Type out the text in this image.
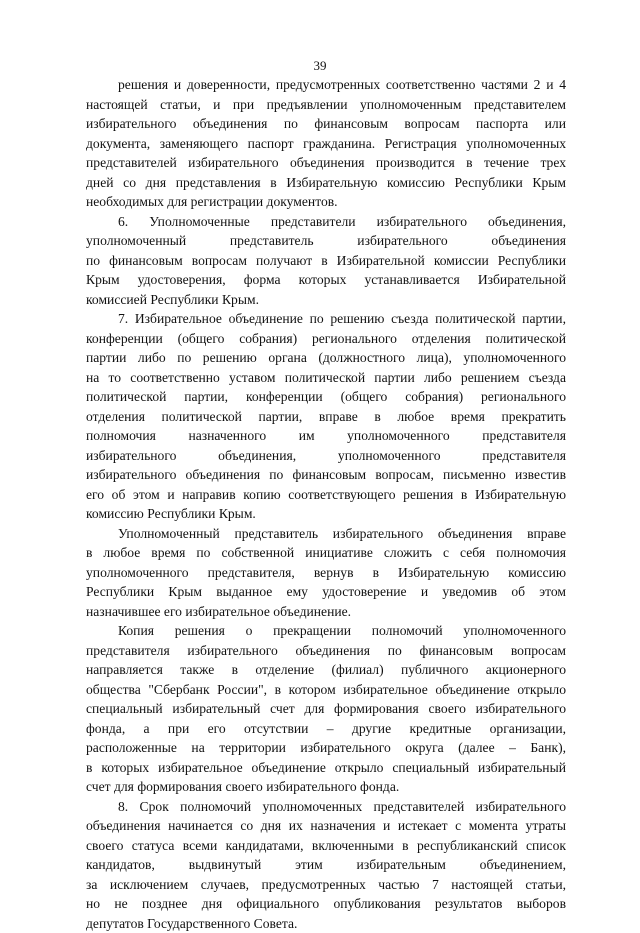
39
решения и доверенности, предусмотренных соответственно частями 2 и 4
настоящей статьи, и при предъявлении уполномоченным представителем
избирательного объединения по финансовым вопросам паспорта или
документа, заменяющего паспорт гражданина. Регистрация уполномоченных
представителей избирательного объединения производится в течение трех
дней со дня представления в Избирательную комиссию Республики Крым
необходимых для регистрации документов.
6. Уполномоченные представители избирательного объединения,
уполномоченный представитель избирательного объединения
по финансовым вопросам получают в Избирательной комиссии Республики
Крым удостоверения, форма которых устанавливается Избирательной
комиссией Республики Крым.
7. Избирательное объединение по решению съезда политической партии,
конференции (общего собрания) регионального отделения политической
партии либо по решению органа (должностного лица), уполномоченного
на то соответственно уставом политической партии либо решением съезда
политической партии, конференции (общего собрания) регионального
отделения политической партии, вправе в любое время прекратить
полномочия назначенного им уполномоченного представителя
избирательного объединения, уполномоченного представителя
избирательного объединения по финансовым вопросам, письменно известив
его об этом и направив копию соответствующего решения в Избирательную
комиссию Республики Крым.
Уполномоченный представитель избирательного объединения вправе
в любое время по собственной инициативе сложить с себя полномочия
уполномоченного представителя, вернув в Избирательную комиссию
Республики Крым выданное ему удостоверение и уведомив об этом
назначившее его избирательное объединение.
Копия решения о прекращении полномочий уполномоченного
представителя избирательного объединения по финансовым вопросам
направляется также в отделение (филиал) публичного акционерного
общества "Сбербанк России", в котором избирательное объединение открыло
специальный избирательный счет для формирования своего избирательного
фонда, а при его отсутствии – другие кредитные организации,
расположенные на территории избирательного округа (далее – Банк),
в которых избирательное объединение открыло специальный избирательный
счет для формирования своего избирательного фонда.
8. Срок полномочий уполномоченных представителей избирательного
объединения начинается со дня их назначения и истекает с момента утраты
своего статуса всеми кандидатами, включенными в республиканский список
кандидатов, выдвинутый этим избирательным объединением,
за исключением случаев, предусмотренных частью 7 настоящей статьи,
но не позднее дня официального опубликования результатов выборов
депутатов Государственного Совета.
